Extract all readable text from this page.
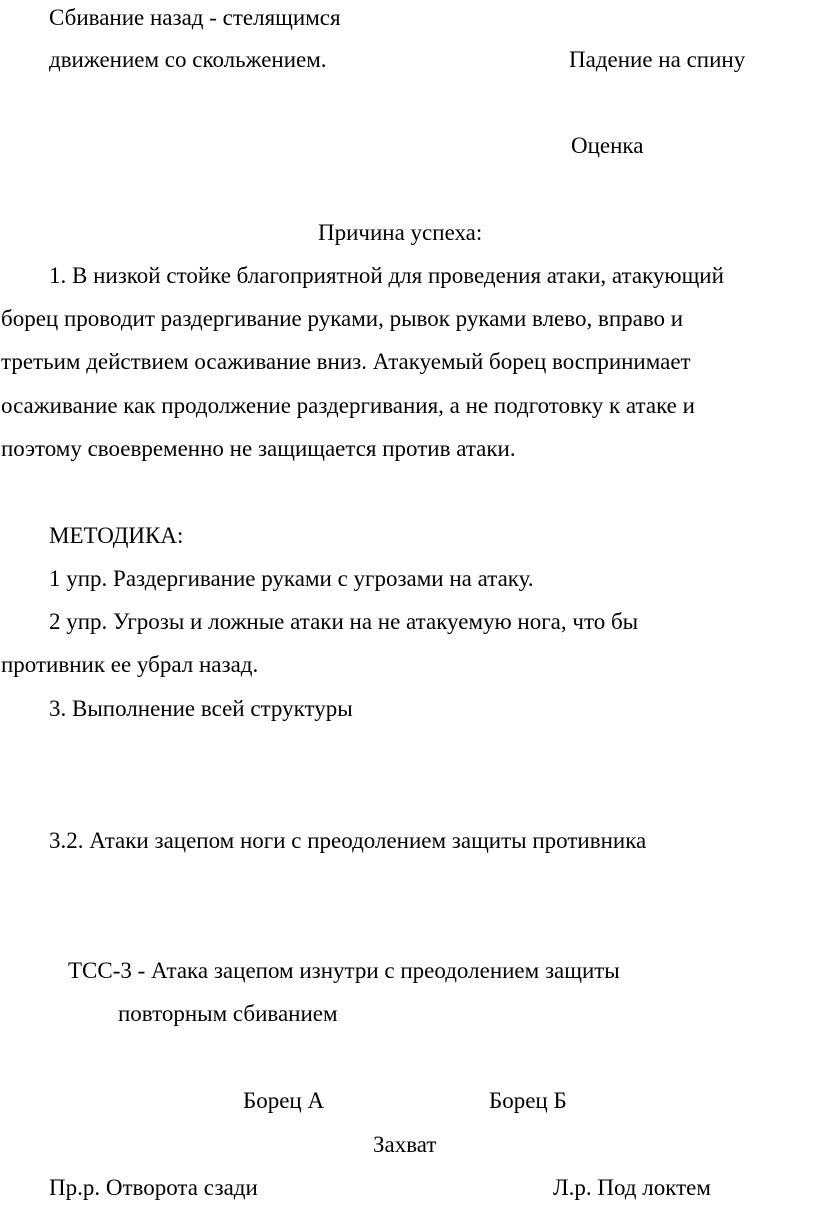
Сбивание назад - стелящимся
движением со скольжением.	Падение на спину
Оценка
Причина успеха:
1. В низкой стойке благоприятной для проведения атаки, атакующий
борец проводит раздергивание руками, рывок руками влево, вправо и
третьим действием осаживание вниз. Атакуемый борец воспринимает
осаживание как продолжение раздергивания, а не подготовку к атаке и
поэтому своевременно не защищается против атаки.
МЕТОДИКА:
1 упр. Раздергивание руками с угрозами на атаку.
2 упр. Угрозы и ложные атаки на не атакуемую нога, что бы
противник ее убрал назад.
3. Выполнение всей структуры
3.2. Атаки зацепом ноги с преодолением защиты противника
ТСС-3 - Атака зацепом изнутри с преодолением защиты
повторным сбиванием
Борец А	Борец Б
Захват
Пр.р. Отворота сзади	Л.р. Под локтем
